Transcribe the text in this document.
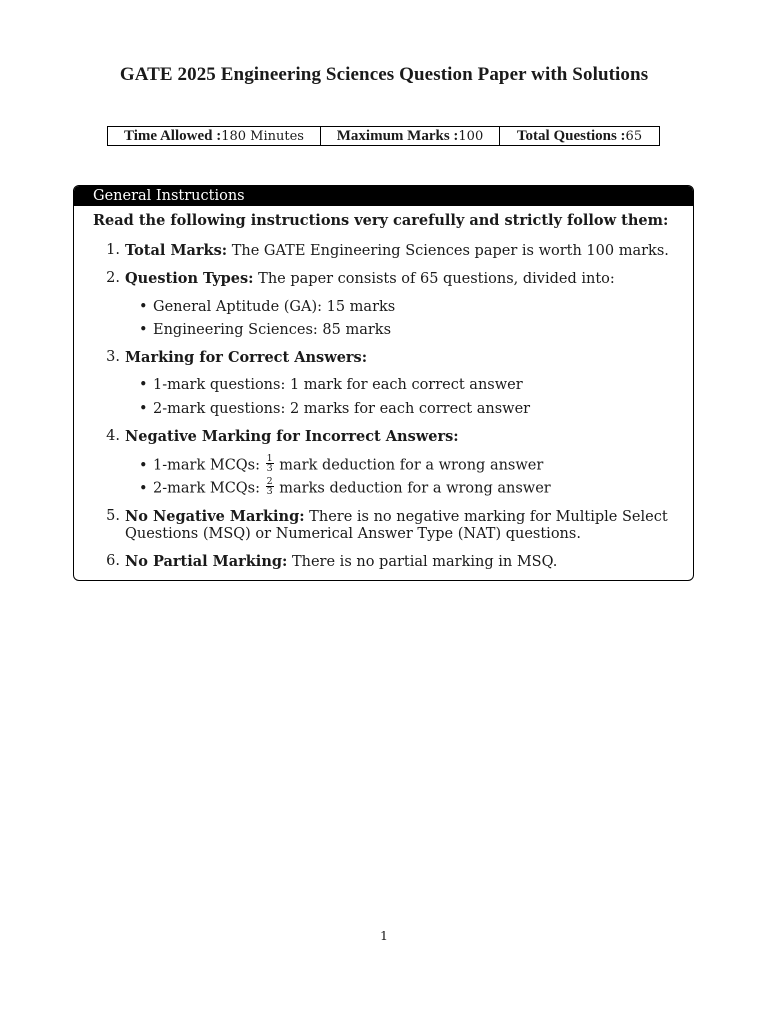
GATE 2025 Engineering Sciences Question Paper with Solutions
Time Allowed : 180 Minutes Maximum Marks : 100 Total Questions : 65
General Instructions
Read the following instructions very carefully and strictly follow them:
1. Total Marks: The GATE Engineering Sciences paper is worth 100 marks.
2. Question Types: The paper consists of 65 questions, divided into:
• General Aptitude (GA): 15 marks
• Engineering Sciences: 85 marks
3. Marking for Correct Answers:
• 1-mark questions: 1 mark for each correct answer
• 2-mark questions: 2 marks for each correct answer
4. Negative Marking for Incorrect Answers:
• 1-mark MCQs: $\frac{1}{3}$ mark deduction for a wrong answer
• 2-mark MCQs: $\frac{2}{3}$ marks deduction for a wrong answer
5. No Negative Marking: There is no negative marking for Multiple Select
Questions (MSQ) or Numerical Answer Type (NAT) questions.
6. No Partial Marking: There is no partial marking in MSQ.
1
